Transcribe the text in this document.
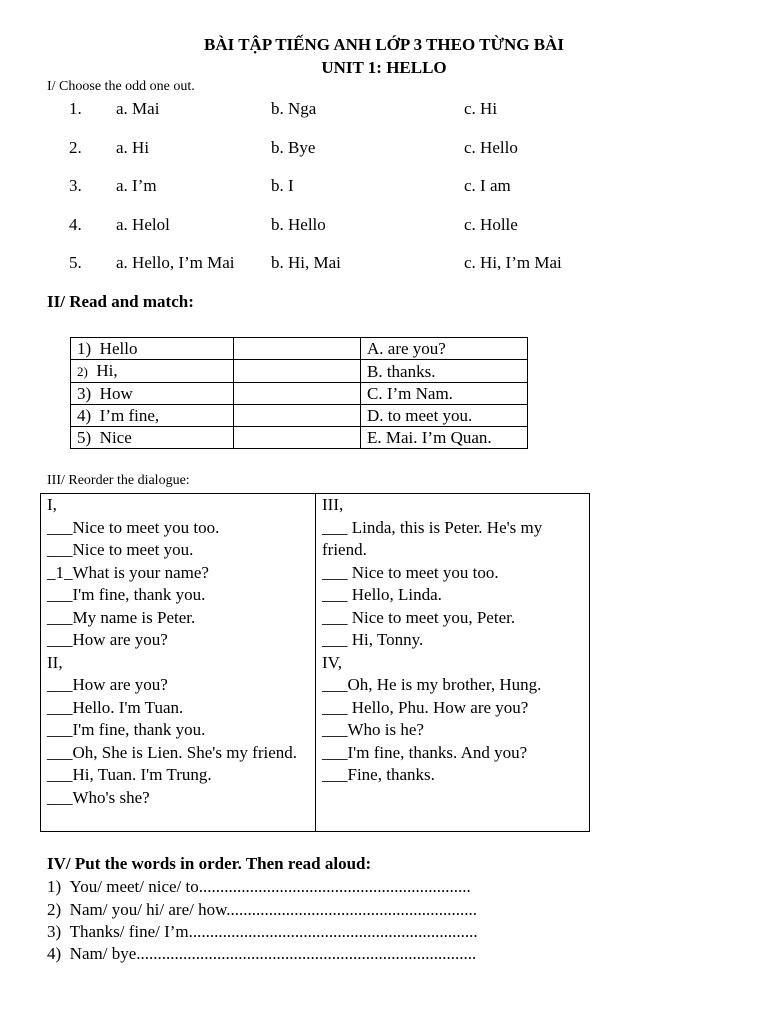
BÀI TẬP TIẾNG ANH LỚP 3 THEO TỪNG BÀI
UNIT 1: HELLO
I/ Choose the odd one out.
1. a. Mai	b. Nga	c. Hi
2. a. Hi	b. Bye	c. Hello
3. a. I’m	b. I	c. I am
4. a. Helol	b. Hello	c. Holle
5. a. Hello, I’m Mai b. Hi, Mai	c. Hi, I’m Mai
II/ Read and match:
1) Hello		A. are you?
2) Hi,		B. thanks.
3) How		C. I’m Nam.
4) I’m fine,		D. to meet you.
5) Nice		E. Mai. I’m Quan.
III/ Reorder the dialogue:
I,
___Nice to meet you too.
___Nice to meet you.
_1_What is your name?
___I'm fine, thank you.
___My name is Peter.
___How are you?
II,
___How are you?
___Hello. I'm Tuan.
___I'm fine, thank you.
___Oh, She is Lien. She's my friend.
___Hi, Tuan. I'm Trung.
___Who's she?
III,
___ Linda, this is Peter. He's my friend.
___ Nice to meet you too.
___ Hello, Linda.
___ Nice to meet you, Peter.
___ Hi, Tonny.
IV,
___Oh, He is my brother, Hung.
___ Hello, Phu. How are you?
___Who is he?
___I'm fine, thanks. And you?
___Fine, thanks.
IV/ Put the words in order. Then read aloud:
1) You/ meet/ nice/ to................................................................
2) Nam/ you/ hi/ are/ how...........................................................
3) Thanks/ fine/ I’m....................................................................
4) Nam/ bye................................................................................
